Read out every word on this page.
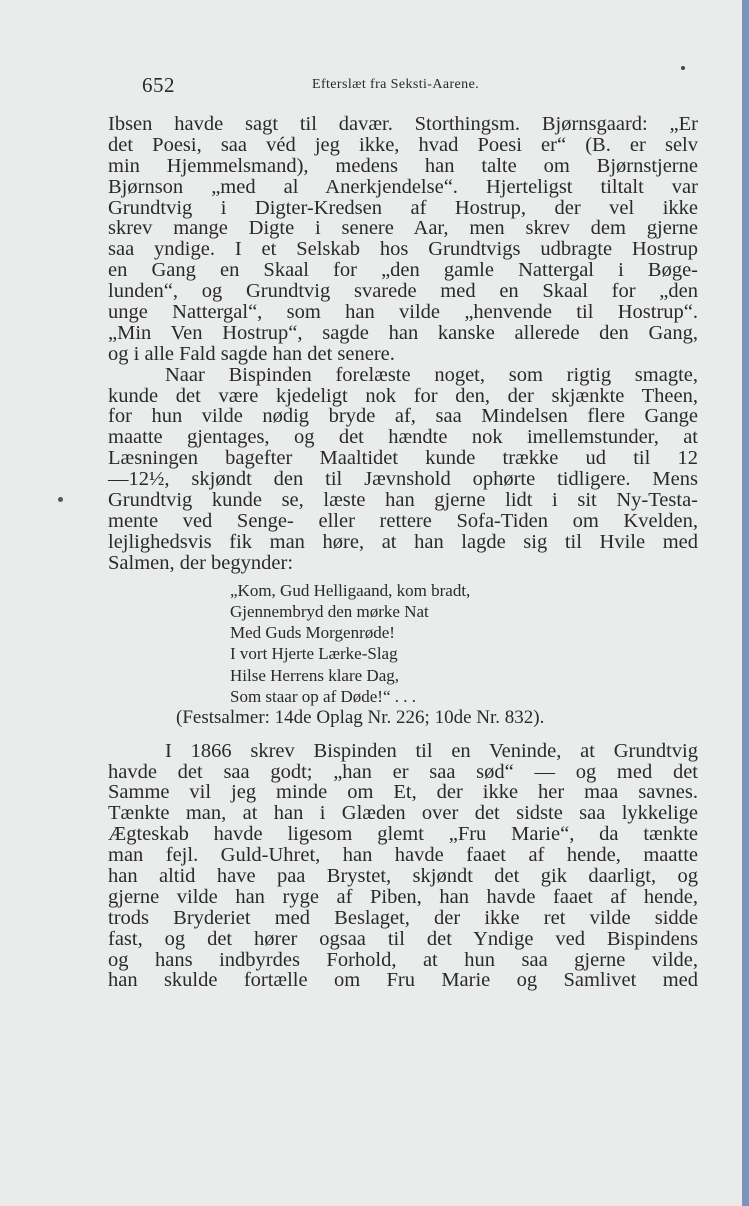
652	Efterslæt fra Seksti-Aarene.
Ibsen havde sagt til davær. Storthingsm. Bjørnsgaard: „Er
det Poesi, saa véd jeg ikke, hvad Poesi er“ (B. er selv
min Hjemmelsmand), medens han talte om Bjørnstjerne
Bjørnson „med al Anerkjendelse“. Hjerteligst tiltalt var
Grundtvig i Digter-Kredsen af Hostrup, der vel ikke
skrev mange Digte i senere Aar, men skrev dem gjerne
saa yndige. I et Selskab hos Grundtvigs udbragte Hostrup
en Gang en Skaal for „den gamle Nattergal i Bøge-
lunden“, og Grundtvig svarede med en Skaal for „den
unge Nattergal“, som han vilde „henvende til Hostrup“.
„Min Ven Hostrup“, sagde han kanske allerede den Gang,
og i alle Fald sagde han det senere.
Naar Bispinden forelæste noget, som rigtig smagte,
kunde det være kjedeligt nok for den, der skjænkte Theen,
for hun vilde nødig bryde af, saa Mindelsen flere Gange
maatte gjentages, og det hændte nok imellemstunder, at
Læsningen bagefter Maaltidet kunde trække ud til 12
—12½, skjøndt den til Jævnshold ophørte tidligere. Mens
Grundtvig kunde se, læste han gjerne lidt i sit Ny-Testa-
mente ved Senge- eller rettere Sofa-Tiden om Kvelden,
lejlighedsvis fik man høre, at han lagde sig til Hvile med
Salmen, der begynder:
„Kom, Gud Helligaand, kom bradt,
Gjennembryd den mørke Nat
Med Guds Morgenrøde!
I vort Hjerte Lærke-Slag
Hilse Herrens klare Dag,
Som staar op af Døde!“ . . .
(Festsalmer: 14de Oplag Nr. 226; 10de Nr. 832).
I 1866 skrev Bispinden til en Veninde, at Grundtvig
havde det saa godt; „han er saa sød“ — og med det
Samme vil jeg minde om Et, der ikke her maa savnes.
Tænkte man, at han i Glæden over det sidste saa lykkelige
Ægteskab havde ligesom glemt „Fru Marie“, da tænkte
man fejl. Guld-Uhret, han havde faaet af hende, maatte
han altid have paa Brystet, skjøndt det gik daarligt, og
gjerne vilde han ryge af Piben, han havde faaet af hende,
trods Bryderiet med Beslaget, der ikke ret vilde sidde
fast, og det hører ogsaa til det Yndige ved Bispindens
og hans indbyrdes Forhold, at hun saa gjerne vilde,
han skulde fortælle om Fru Marie og Samlivet med
